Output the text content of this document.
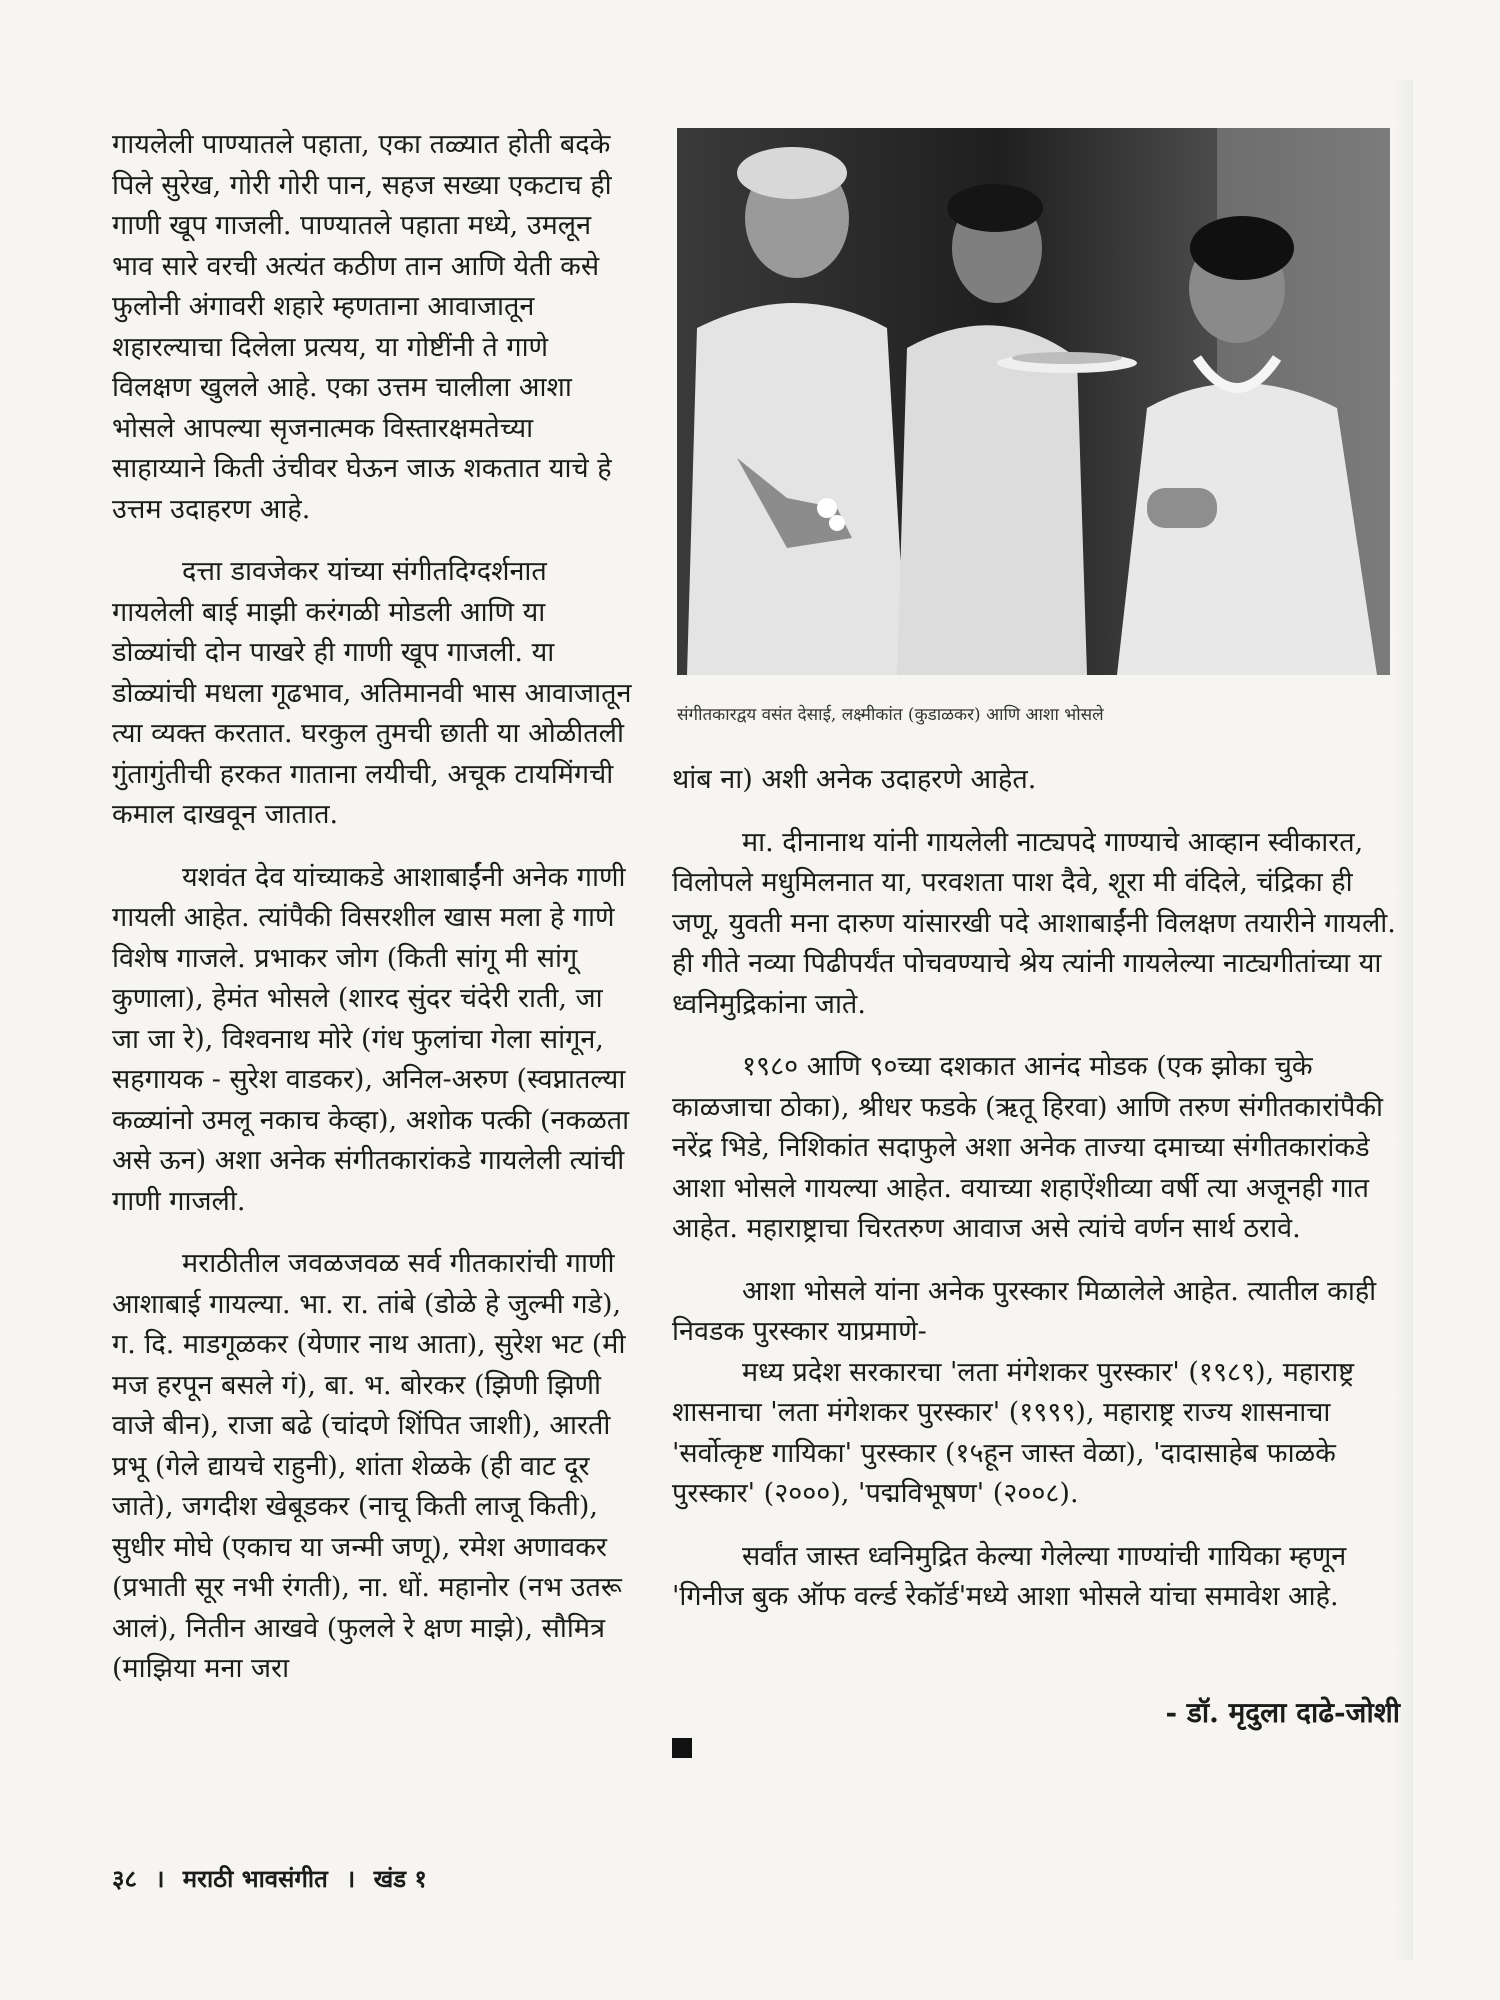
गायलेली पाण्यातले पहाता, एका तळ्यात होती बदके पिले सुरेख, गोरी गोरी पान, सहज सख्या एकटाच ही गाणी खूप गाजली. पाण्यातले पहाता मध्ये, उमलून भाव सारे वरची अत्यंत कठीण तान आणि येती कसे फुलोनी अंगावरी शहारे म्हणताना आवाजातून शहारल्याचा दिलेला प्रत्यय, या गोष्टींनी ते गाणे विलक्षण खुलले आहे. एका उत्तम चालीला आशा भोसले आपल्या सृजनात्मक विस्तारक्षमतेच्या साहाय्याने किती उंचीवर घेऊन जाऊ शकतात याचे हे उत्तम उदाहरण आहे.

दत्ता डावजेकर यांच्या संगीतदिग्दर्शनात गायलेली बाई माझी करंगळी मोडली आणि या डोळ्यांची दोन पाखरे ही गाणी खूप गाजली. या डोळ्यांची मधला गूढभाव, अतिमानवी भास आवाजातून त्या व्यक्त करतात. घरकुल तुमची छाती या ओळीतली गुंतागुंतीची हरकत गाताना लयीची, अचूक टायमिंगची कमाल दाखवून जातात.

यशवंत देव यांच्याकडे आशाबाईंनी अनेक गाणी गायली आहेत. त्यांपैकी विसरशील खास मला हे गाणे विशेष गाजले. प्रभाकर जोग (किती सांगू मी सांगू कुणाला), हेमंत भोसले (शारद सुंदर चंदेरी राती, जा जा जा रे), विश्वनाथ मोरे (गंध फुलांचा गेला सांगून, सहगायक - सुरेश वाडकर), अनिल-अरुण (स्वप्नातल्या कळ्यांनो उमलू नकाच केव्हा), अशोक पत्की (नकळता असे ऊन) अशा अनेक संगीतकारांकडे गायलेली त्यांची गाणी गाजली.

मराठीतील जवळजवळ सर्व गीतकारांची गाणी आशाबाई गायल्या. भा. रा. तांबे (डोळे हे जुल्मी गडे), ग. दि. माडगूळकर (येणार नाथ आता), सुरेश भट (मी मज हरपून बसले गं), बा. भ. बोरकर (झिणी झिणी वाजे बीन), राजा बढे (चांदणे शिंपित जाशी), आरती प्रभू (गेले द्यायचे राहुनी), शांता शेळके (ही वाट दूर जाते), जगदीश खेबूडकर (नाचू किती लाजू किती), सुधीर मोघे (एकाच या जन्मी जणू), रमेश अणावकर (प्रभाती सूर नभी रंगती), ना. धों. महानोर (नभ उतरू आलं), नितीन आखवे (फुलले रे क्षण माझे), सौमित्र (माझिया मना जरा

संगीतकारद्वय वसंत देसाई, लक्ष्मीकांत (कुडाळकर) आणि आशा भोसले

थांब ना) अशी अनेक उदाहरणे आहेत.

मा. दीनानाथ यांनी गायलेली नाट्यपदे गाण्याचे आव्हान स्वीकारत, विलोपले मधुमिलनात या, परवशता पाश दैवे, शूरा मी वंदिले, चंद्रिका ही जणू, युवती मना दारुण यांसारखी पदे आशाबाईंनी विलक्षण तयारीने गायली. ही गीते नव्या पिढीपर्यंत पोचवण्याचे श्रेय त्यांनी गायलेल्या नाट्यगीतांच्या या ध्वनिमुद्रिकांना जाते.

१९८० आणि ९०च्या दशकात आनंद मोडक (एक झोका चुके काळजाचा ठोका), श्रीधर फडके (ऋतू हिरवा) आणि तरुण संगीतकारांपैकी नरेंद्र भिडे, निशिकांत सदाफुले अशा अनेक ताज्या दमाच्या संगीतकारांकडे आशा भोसले गायल्या आहेत. वयाच्या शहाऐंशीव्या वर्षी त्या अजूनही गात आहेत. महाराष्ट्राचा चिरतरुण आवाज असे त्यांचे वर्णन सार्थ ठरावे.

आशा भोसले यांना अनेक पुरस्कार मिळालेले आहेत. त्यातील काही निवडक पुरस्कार याप्रमाणे-

मध्य प्रदेश सरकारचा 'लता मंगेशकर पुरस्कार' (१९८९), महाराष्ट्र शासनाचा 'लता मंगेशकर पुरस्कार' (१९९९), महाराष्ट्र राज्य शासनाचा 'सर्वोत्कृष्ट गायिका' पुरस्कार (१५हून जास्त वेळा), 'दादासाहेब फाळके पुरस्कार' (२०००), 'पद्मविभूषण' (२००८).

सर्वांत जास्त ध्वनिमुद्रित केल्या गेलेल्या गाण्यांची गायिका म्हणून 'गिनीज बुक ऑफ वर्ल्ड रेकॉर्ड'मध्ये आशा भोसले यांचा समावेश आहे.

- डॉ. मृदुला दाढे-जोशी
३८ । मराठी भावसंगीत । खंड १
